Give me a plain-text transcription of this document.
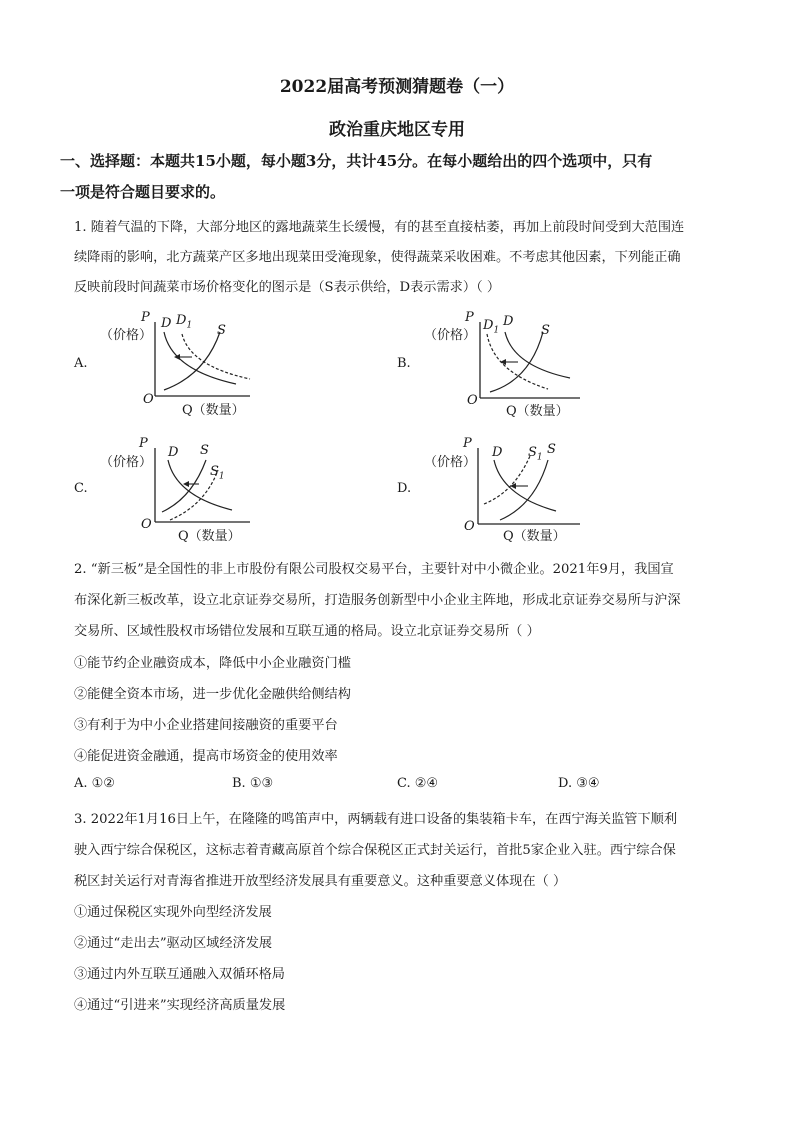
2022届高考预测猜题卷（一）
政治重庆地区专用
一、选择题：本题共15小题，每小题3分，共计45分。在每小题给出的四个选项中，只有
一项是符合题目要求的。
1. 随着气温的下降，大部分地区的露地蔬菜生长缓慢，有的甚至直接枯萎，再加上前段时间受到大范围连
续降雨的影响，北方蔬菜产区多地出现菜田受淹现象，使得蔬菜采收困难。不考虑其他因素，下列能正确
反映前段时间蔬菜市场价格变化的图示是（S表示供给，D表示需求）（ ）
A.
P
（价格）
O
Q（数量）
D $D_1$ S
B.
P
（价格）
O
Q（数量）
D
$D_1$	S
C.
P
（价格）
O
Q（数量）
D S
$S_1$
D.
P
（价格）
O
Q（数量）
D $S_1$
S
2. “新三板”是全国性的非上市股份有限公司股权交易平台，主要针对中小微企业。2021年9月，我国宣
布深化新三板改革，设立北京证券交易所，打造服务创新型中小企业主阵地，形成北京证券交易所与沪深
交易所、区域性股权市场错位发展和互联互通的格局。设立北京证券交易所（ ）
①能节约企业融资成本，降低中小企业融资门槛
②能健全资本市场，进一步优化金融供给侧结构
③有利于为中小企业搭建间接融资的重要平台
④能促进资金融通，提高市场资金的使用效率
A. ①②	B. ①③	C. ②④	D. ③④
3. 2022年1月16日上午，在隆隆的鸣笛声中，两辆载有进口设备的集装箱卡车，在西宁海关监管下顺利
驶入西宁综合保税区，这标志着青藏高原首个综合保税区正式封关运行，首批5家企业入驻。西宁综合保
税区封关运行对青海省推进开放型经济发展具有重要意义。这种重要意义体现在（ ）
①通过保税区实现外向型经济发展
②通过“走出去”驱动区域经济发展
③通过内外互联互通融入双循环格局
④通过“引进来”实现经济高质量发展
